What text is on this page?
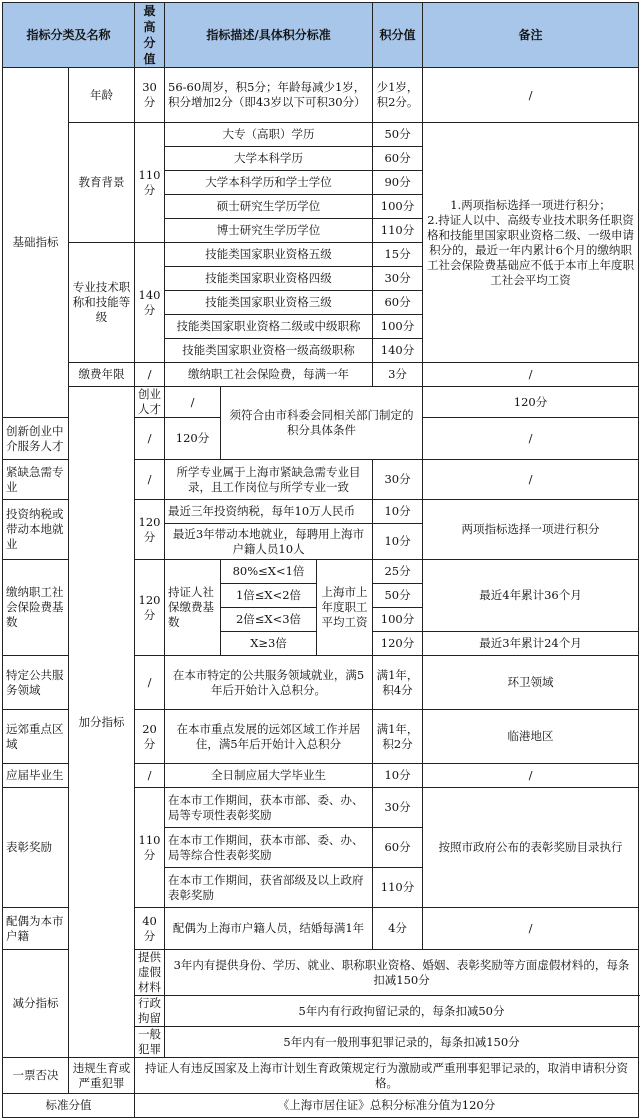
指标分类及名称		最高分值	指标描述/具体积分标准			积分值	备注	
基础指标	年龄	30分	56-60周岁，积5分；年龄每减少1岁，积分增加2分（即43岁以下可积30分）			少1岁，积2分。	/	
	教育背景	110分	大专（高职）学历			50分	1.两项指标选择一项进行积分；
2.持证人以中、高级专业技术职务任职资格和技能里国家职业资格二级、一级申请积分的，最近一年内累计6个月的缴纳职工社会保险费基础应不低于本市上年度职工社会平均工资	
			大学本科学历			60分		
			大学本科学历和学士学位			90分		
			硕士研究生学历学位			100分		
			博士研究生学历学位			110分		
	专业技术职称和技能等级	140分	技能类国家职业资格五级			15分		
			技能类国家职业资格四级			30分		
			技能类国家职业资格三级			60分		
			技能类国家职业资格二级或中级职称			100分		
			技能类国家职业资格一级高级职称			140分		
	缴费年限	/	缴纳职工社会保险费，每满一年			3分	/	
	加分指标	创业人才	/	须符合由市科委会同相关部门制定的积分具体条件			120分	
创新创业中介服务人才		/	120分				/	
紧缺急需专业		/	所学专业属于上海市紧缺急需专业目录，且工作岗位与所学专业一致			30分	/	
投资纳税或带动本地就业		120分	最近三年投资纳税，每年10万人民币			10分	两项指标选择一项进行积分	
			最近3年带动本地就业，每聘用上海市户籍人员10人			10分		
缴纳职工社会保险费基数		120分	持证人社保缴费基数	80%≤X<1倍	上海市上年度职工平均工资	25分	最近4年累计36个月	
				1倍≤X<2倍		50分		
				2倍≤X<3倍		100分		
				X≥3倍		120分	最近3年累计24个月	
特定公共服务领域		/	在本市特定的公共服务领域就业，满5年后开始计入总积分。			满1年，积4分	环卫领域	
远郊重点区域		20分	在本市重点发展的远郊区域工作并居住，满5年后开始计入总积分			满1年，积2分	临港地区	
应届毕业生		/	全日制应届大学毕业生			10分	/	
表彰奖励		110分	在本市工作期间，获本市部、委、办、局等专项性表彰奖励			30分	按照市政府公布的表彰奖励目录执行	
			在本市工作期间，获本市部、委、办、局等综合性表彰奖励			60分		
			在本市工作期间，获省部级及以上政府表彰奖励			110分		
配偶为本市户籍		40分	配偶为上海市户籍人员，结婚每满1年			4分	/	
减分指标		提供虚假材料	3年内有提供身份、学历、就业、职称职业资格、婚姻、表彰奖励等方面虚假材料的，每条扣减150分					
		行政拘留	5年内有行政拘留记录的，每条扣减50分					
		一般犯罪	5年内有一般刑事犯罪记录的，每条扣减150分					
一票否决	违规生育或严重犯罪	持证人有违反国家及上海市计划生育政策规定行为激励或严重刑事犯罪记录的，取消申请积分资格。						
标准分值		《上海市居住证》总积分标准分值为120分						
